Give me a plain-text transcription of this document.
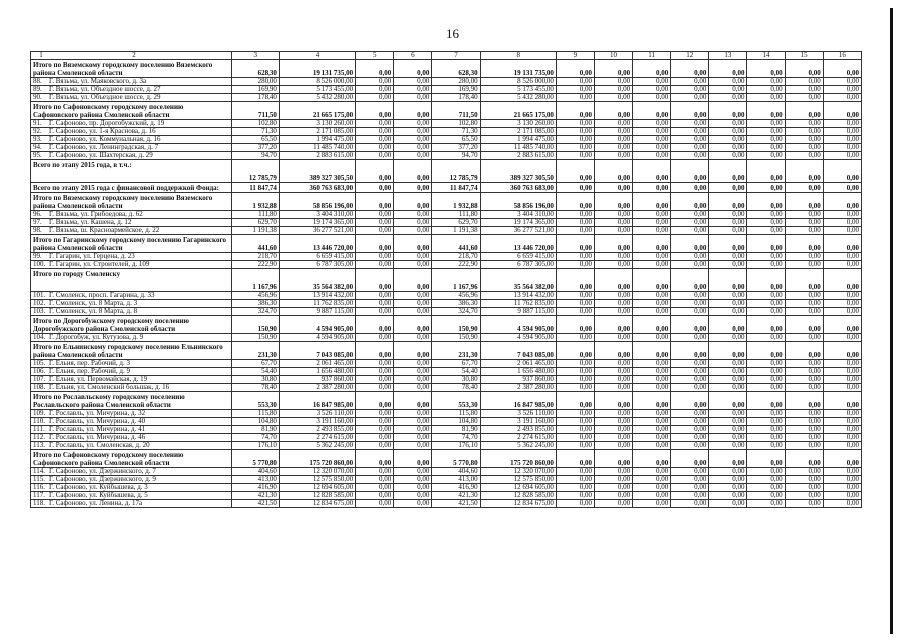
16
1 2	3	4	5	6	7	8	9	10	11	12	13	14	15	16
Итого по Вяземскому городскому поселению Вяземского района Смоленской области	628,30	19 131 735,00	0,00	0,00	628,30	19 131 735,00	0,00	0,00	0,00	0,00	0,00	0,00	0,00	0,00
88. Г. Вязьма, ул. Маяковского, д. 3а	280,00	8 526 000,00	0,00	0,00	280,00	8 526 000,00	0,00	0,00	0,00	0,00	0,00	0,00	0,00	0,00
89. Г. Вязьма, ул. Объездное шоссе, д. 27	169,90	5 173 455,00	0,00	0,00	169,90	5 173 455,00	0,00	0,00	0,00	0,00	0,00	0,00	0,00	0,00
90. Г. Вязьма, ул. Объездное шоссе, д. 29	178,40	5 432 280,00	0,00	0,00	178,40	5 432 280,00	0,00	0,00	0,00	0,00	0,00	0,00	0,00	0,00
Итого по Сафоновскому городскому поселению Сафоновского района Смоленской области	711,50	21 665 175,00	0,00	0,00	711,50	21 665 175,00	0,00	0,00	0,00	0,00	0,00	0,00	0,00	0,00
91. Г. Сафоново, пр. Дорогобужский, д. 19	102,80	3 130 260,00	0,00	0,00	102,80	3 130 260,00	0,00	0,00	0,00	0,00	0,00	0,00	0,00	0,00
92. Г. Сафоново, ул. 1-я Краснова, д. 16	71,30	2 171 085,00	0,00	0,00	71,30	2 171 085,00	0,00	0,00	0,00	0,00	0,00	0,00	0,00	0,00
93. Г. Сафоново, ул. Коммунальная, д. 16	65,50	1 994 475,00	0,00	0,00	65,50	1 994 475,00	0,00	0,00	0,00	0,00	0,00	0,00	0,00	0,00
94. Г. Сафоново, ул. Ленинградская, д. 7	377,20	11 485 740,00	0,00	0,00	377,20	11 485 740,00	0,00	0,00	0,00	0,00	0,00	0,00	0,00	0,00
95. Г. Сафоново, ул. Шахтерская, д. 29	94,70	2 883 615,00	0,00	0,00	94,70	2 883 615,00	0,00	0,00	0,00	0,00	0,00	0,00	0,00	0,00
Всего по этапу 2015 года, в т.ч.:	12 785,79	389 327 305,50	0,00	0,00	12 785,79	389 327 305,50	0,00	0,00	0,00	0,00	0,00	0,00	0,00	0,00
Всего по этапу 2015 года с финансовой поддержкой Фонда:	11 847,74	360 763 683,00	0,00	0,00	11 847,74	360 763 683,00	0,00	0,00	0,00	0,00	0,00	0,00	0,00	0,00
Итого по Вяземскому городскому поселению Вяземского района Смоленской области	1 932,88	58 856 196,00	0,00	0,00	1 932,88	58 856 196,00	0,00	0,00	0,00	0,00	0,00	0,00	0,00	0,00
96. Г. Вязьма, ул. Грибоедова, д. 62	111,80	3 404 310,00	0,00	0,00	111,80	3 404 310,00	0,00	0,00	0,00	0,00	0,00	0,00	0,00	0,00
97. Г. Вязьма, ул. Кашена, д. 12	629,70	19 174 365,00	0,00	0,00	629,70	19 174 365,00	0,00	0,00	0,00	0,00	0,00	0,00	0,00	0,00
98. Г. Вязьма, ш. Красноармейское, д. 22	1 191,38	36 277 521,00	0,00	0,00	1 191,38	36 277 521,00	0,00	0,00	0,00	0,00	0,00	0,00	0,00	0,00
Итого по Гагаринскому городскому поселению Гагаринского района Смоленской области	441,60	13 446 720,00	0,00	0,00	441,60	13 446 720,00	0,00	0,00	0,00	0,00	0,00	0,00	0,00	0,00
99. Г. Гагарин, ул. Герцена, д. 23	218,70	6 659 415,00	0,00	0,00	218,70	6 659 415,00	0,00	0,00	0,00	0,00	0,00	0,00	0,00	0,00
100. Г. Гагарин, ул. Строителей, д. 109	222,90	6 787 305,00	0,00	0,00	222,90	6 787 305,00	0,00	0,00	0,00	0,00	0,00	0,00	0,00	0,00
Итого по городу Смоленску	1 167,96	35 564 382,00	0,00	0,00	1 167,96	35 564 382,00	0,00	0,00	0,00	0,00	0,00	0,00	0,00	0,00
101. Г. Смоленск, просп. Гагарина, д. 33	456,96	13 914 432,00	0,00	0,00	456,96	13 914 432,00	0,00	0,00	0,00	0,00	0,00	0,00	0,00	0,00
102. Г. Смоленск, ул. 8 Марта, д. 3	386,30	11 762 835,00	0,00	0,00	386,30	11 762 835,00	0,00	0,00	0,00	0,00	0,00	0,00	0,00	0,00
103. Г. Смоленск, ул. 8 Марта, д. 8	324,70	9 887 115,00	0,00	0,00	324,70	9 887 115,00	0,00	0,00	0,00	0,00	0,00	0,00	0,00	0,00
Итого по Дорогобужскому городскому поселению Дорогобужского района Смоленской области	150,90	4 594 905,00	0,00	0,00	150,90	4 594 905,00	0,00	0,00	0,00	0,00	0,00	0,00	0,00	0,00
104. Г. Дорогобуж, ул. Кутузова, д. 9	150,90	4 594 905,00	0,00	0,00	150,90	4 594 905,00	0,00	0,00	0,00	0,00	0,00	0,00	0,00	0,00
Итого по Ельнинскому городскому поселению Ельнинского района Смоленской области	231,30	7 043 085,00	0,00	0,00	231,30	7 043 085,00	0,00	0,00	0,00	0,00	0,00	0,00	0,00	0,00
105. Г. Ельня, пер. Рабочий, д. 3	67,70	2 061 465,00	0,00	0,00	67,70	2 061 465,00	0,00	0,00	0,00	0,00	0,00	0,00	0,00	0,00
106. Г. Ельня, пер. Рабочий, д. 9	54,40	1 656 480,00	0,00	0,00	54,40	1 656 480,00	0,00	0,00	0,00	0,00	0,00	0,00	0,00	0,00
107. Г. Ельня, ул. Первомайская, д. 19	30,80	937 860,00	0,00	0,00	30,80	937 860,00	0,00	0,00	0,00	0,00	0,00	0,00	0,00	0,00
108. Г. Ельня, ул. Смоленский большак, д. 16	78,40	2 387 280,00	0,00	0,00	78,40	2 387 280,00	0,00	0,00	0,00	0,00	0,00	0,00	0,00	0,00
Итого по Рославльскому городскому поселению Рославльского района Смоленской области	553,30	16 847 985,00	0,00	0,00	553,30	16 847 985,00	0,00	0,00	0,00	0,00	0,00	0,00	0,00	0,00
109. Г. Рославль, ул. Мичурина, д. 32	115,80	3 526 110,00	0,00	0,00	115,80	3 526 110,00	0,00	0,00	0,00	0,00	0,00	0,00	0,00	0,00
110. Г. Рославль, ул. Мичурина, д. 40	104,80	3 191 160,00	0,00	0,00	104,80	3 191 160,00	0,00	0,00	0,00	0,00	0,00	0,00	0,00	0,00
111. Г. Рославль, ул. Мичурина, д. 41	81,90	2 493 855,00	0,00	0,00	81,90	2 493 855,00	0,00	0,00	0,00	0,00	0,00	0,00	0,00	0,00
112. Г. Рославль, ул. Мичурина, д. 46	74,70	2 274 615,00	0,00	0,00	74,70	2 274 615,00	0,00	0,00	0,00	0,00	0,00	0,00	0,00	0,00
113. Г. Рославль, ул. Смоленская, д. 20	176,10	5 362 245,00	0,00	0,00	176,10	5 362 245,00	0,00	0,00	0,00	0,00	0,00	0,00	0,00	0,00
Итого по Сафоновскому городскому поселению Сафоновского района Смоленской области	5 770,80	175 720 860,00	0,00	0,00	5 770,80	175 720 860,00	0,00	0,00	0,00	0,00	0,00	0,00	0,00	0,00
114. Г. Сафоново, ул. Дзержинского, д. 7	404,60	12 320 070,00	0,00	0,00	404,60	12 320 070,00	0,00	0,00	0,00	0,00	0,00	0,00	0,00	0,00
115. Г. Сафоново, ул. Дзержинского, д. 9	413,00	12 575 850,00	0,00	0,00	413,00	12 575 850,00	0,00	0,00	0,00	0,00	0,00	0,00	0,00	0,00
116. Г. Сафоново, ул. Куйбышева, д. 3	416,90	12 694 605,00	0,00	0,00	416,90	12 694 605,00	0,00	0,00	0,00	0,00	0,00	0,00	0,00	0,00
117. Г. Сафоново, ул. Куйбышева, д. 5	421,30	12 828 585,00	0,00	0,00	421,30	12 828 585,00	0,00	0,00	0,00	0,00	0,00	0,00	0,00	0,00
118. Г. Сафоново, ул. Ленина, д. 17а	421,50	12 834 675,00	0,00	0,00	421,50	12 834 675,00	0,00	0,00	0,00	0,00	0,00	0,00	0,00	0,00
